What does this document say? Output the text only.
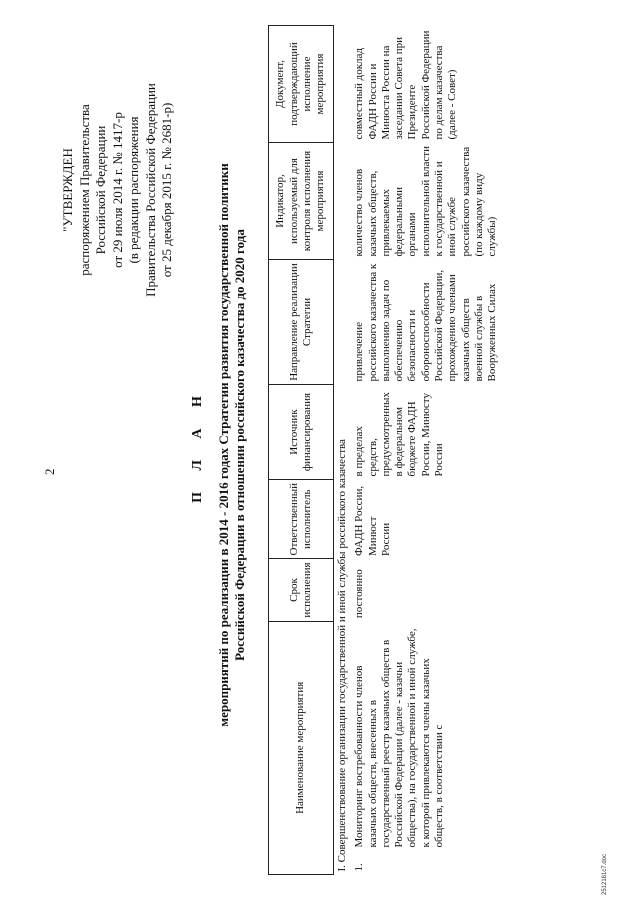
2
"УТВЕРЖДЕН распоряжением Правительства Российской Федерации от 29 июля 2014 г. № 1417-р (в редакции распоряжения Правительства Российской Федерации от 25 декабря 2015 г. № 2681-р)
П Л А Н мероприятий по реализации в 2014 - 2016 годах Стратегии развития государственной политики Российской Федерации в отношении российского казачества до 2020 года
Наименование мероприятия		Срок исполнения	Ответственный исполнитель	Источник финансирования	Направление реализации Стратегии	Индикатор, используемый для контроля исполнения мероприятия	Документ, подтверждающий исполнение мероприятия
I. Совершенствование организации государственной и иной службы российского казачества							
1.	Мониторинг востребованности членов казачьих обществ, внесенных в государственный реестр казачьих обществ в Российской Федерации (далее - казачьи общества), на государственной и иной службе, к которой привлекаются члены казачьих обществ, в соответствии с	постоянно	ФАДН России, Минюст России	в пределах средств, предусмотренных в федеральном бюджете ФАДН России, Минюсту России	привлечение российского казачества к выполнению задач по обеспечению безопасности и обороноспособности Российской Федерации, прохождению членами казачьих обществ военной службы в Вооруженных Силах	количество членов казачьих обществ, привлекаемых федеральными органами исполнительной власти к государственной и иной службе российского казачества (по каждому виду службы)	совместный доклад ФАДН России и Минюста России на заседании Совета при Президенте Российской Федерации по делам казачества (далее - Совет)
2512161c7.doc
